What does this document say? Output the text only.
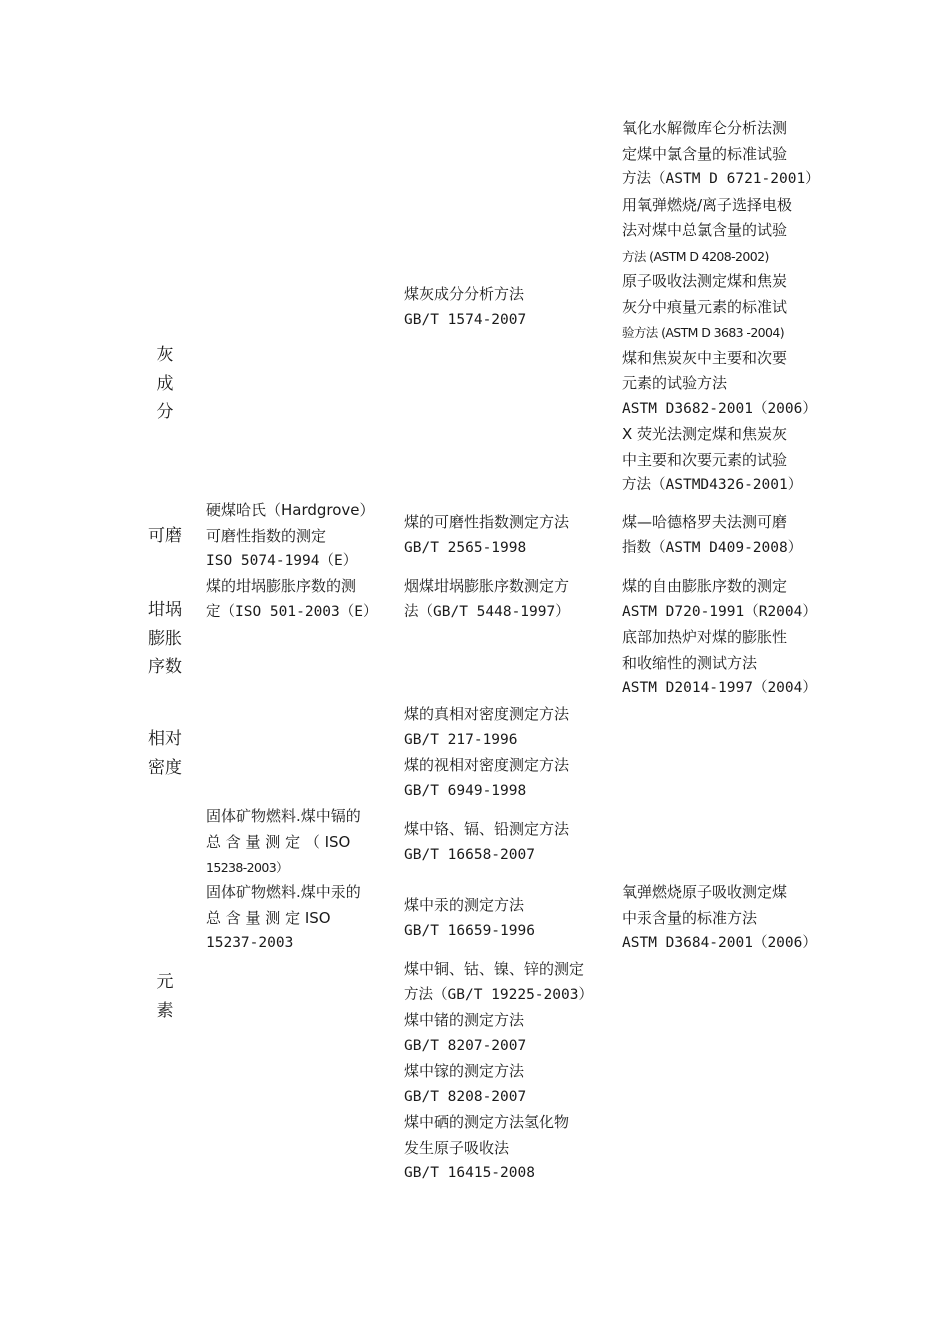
灰
成
分
煤灰成分分析方法
GB/T 1574-2007
氧化水解微库仑分析法测
定煤中氯含量的标准试验
方法（ASTM D 6721-2001）
用氧弹燃烧/离子选择电极
法对煤中总氯含量的试验
方法 (ASTM D 4208-2002)
原子吸收法测定煤和焦炭
灰分中痕量元素的标准试
验方法 (ASTM D 3683 -2004)
煤和焦炭灰中主要和次要
元素的试验方法
ASTM D3682-2001（2006）
X 荧光法测定煤和焦炭灰
中主要和次要元素的试验
方法（ASTMD4326-2001）
可磨
硬煤哈氏（Hardgrove）
可磨性指数的测定
ISO 5074-1994（E）
煤的可磨性指数测定方法
GB/T 2565-1998
煤—哈德格罗夫法测可磨
指数（ASTM D409-2008）
坩埚
膨胀
序数
煤的坩埚膨胀序数的测
定（ISO 501-2003（E）
烟煤坩埚膨胀序数测定方
法（GB/T 5448-1997）
煤的自由膨胀序数的测定
ASTM D720-1991（R2004）
底部加热炉对煤的膨胀性
和收缩性的测试方法
ASTM D2014-1997（2004）
相对
密度
煤的真相对密度测定方法
GB/T 217-1996
煤的视相对密度测定方法
GB/T 6949-1998
元
素
固体矿物燃料.煤中镉的
总 含 量 测 定 （ ISO
15238-2003）
固体矿物燃料.煤中汞的
总 含 量 测 定 ISO
15237-2003
煤中铬、镉、铅测定方法
GB/T 16658-2007
煤中汞的测定方法
GB/T 16659-1996
煤中铜、钴、镍、锌的测定
方法（GB/T 19225-2003）
煤中锗的测定方法
GB/T 8207-2007
煤中镓的测定方法
GB/T 8208-2007
煤中硒的测定方法氢化物
发生原子吸收法
GB/T 16415-2008
氧弹燃烧原子吸收测定煤
中汞含量的标准方法
ASTM D3684-2001（2006）
